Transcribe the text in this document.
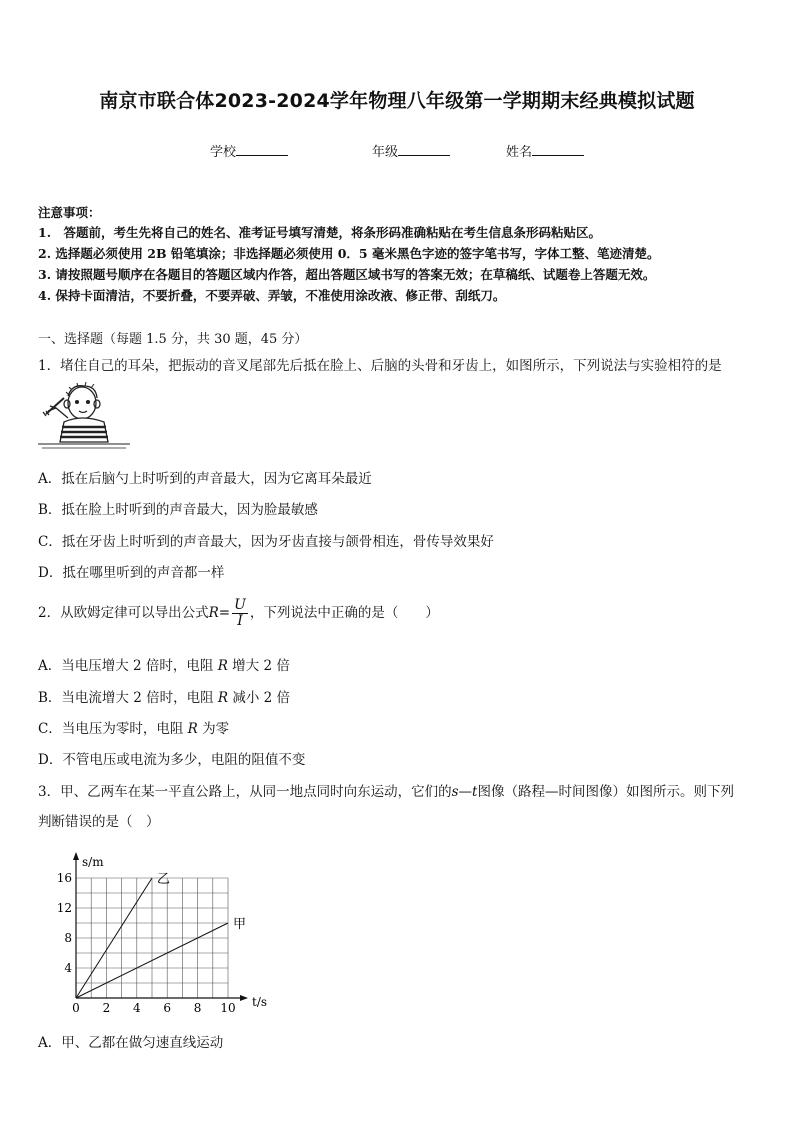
南京市联合体2023-2024学年物理八年级第一学期期末经典模拟试题
学校	年级	姓名
注意事项：
1.　答题前，考生先将自己的姓名、准考证号填写清楚，将条形码准确粘贴在考生信息条形码粘贴区。
2. 选择题必须使用 2B 铅笔填涂；非选择题必须使用 0．5 毫米黑色字迹的签字笔书写，字体工整、笔迹清楚。
3. 请按照题号顺序在各题目的答题区域内作答，超出答题区域书写的答案无效；在草稿纸、试题卷上答题无效。
4. 保持卡面清洁，不要折叠，不要弄破、弄皱，不准使用涂改液、修正带、刮纸刀。
一、选择题（每题 1.5 分，共 30 题，45 分）
1．堵住自己的耳朵，把振动的音叉尾部先后抵在脸上、后脑的头骨和牙齿上，如图所示，下列说法与实验相符的是
A．抵在后脑勺上时听到的声音最大，因为它离耳朵最近
B．抵在脸上时听到的声音最大，因为脸最敏感
C．抵在牙齿上时听到的声音最大，因为牙齿直接与颌骨相连，骨传导效果好
D．抵在哪里听到的声音都一样
2．从欧姆定律可以导出公式$R= \frac{U}{I}$ ，下列说法中正确的是（　　）
A．当电压增大 2 倍时，电阻 R 增大 2 倍
B．当电流增大 2 倍时，电阻 R 减小 2 倍
C．当电压为零时，电阻 R 为零
D．不管电压或电流为多少，电阻的阻值不变
3．甲、乙两车在某一平直公路上，从同一地点同时向东运动，它们的s—t图像（路程—时间图像）如图所示。则下列
判断错误的是（　）
s/m
t/s
0 2 4 6 8 10
4
8
12
16	乙
甲
A．甲、乙都在做匀速直线运动
